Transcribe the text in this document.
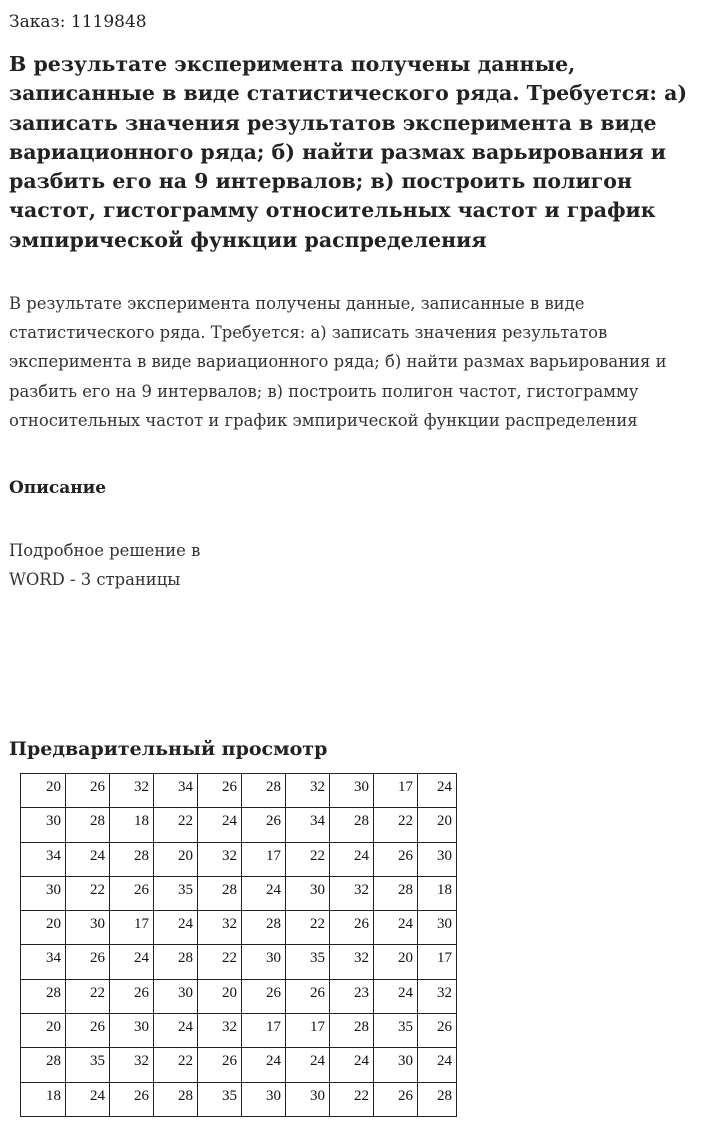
Заказ: 1119848
В результате эксперимента получены данные, записанные в виде статистического ряда. Требуется: а) записать значения результатов эксперимента в виде вариационного ряда; б) найти размах варьирования и разбить его на 9 интервалов; в) построить полигон частот, гистограмму относительных частот и график эмпирической функции распределения

В результате эксперимента получены данные, записанные в виде статистического ряда. Требуется: а) записать значения результатов эксперимента в виде вариационного ряда; б) найти размах варьирования и разбить его на 9 интервалов; в) построить полигон частот, гистограмму относительных частот и график эмпирической функции распределения

Описание
Подробное решение в
WORD - 3 страницы
Предварительный просмотр
20	26	32	34	26	28	32	30	17	24
30	28	18	22	24	26	34	28	22	20
34	24	28	20	32	17	22	24	26	30
30	22	26	35	28	24	30	32	28	18
20	30	17	24	32	28	22	26	24	30
34	26	24	28	22	30	35	32	20	17
28	22	26	30	20	26	26	23	24	32
20	26	30	24	32	17	17	28	35	26
28	35	32	22	26	24	24	24	30	24
18	24	26	28	35	30	30	22	26	28
